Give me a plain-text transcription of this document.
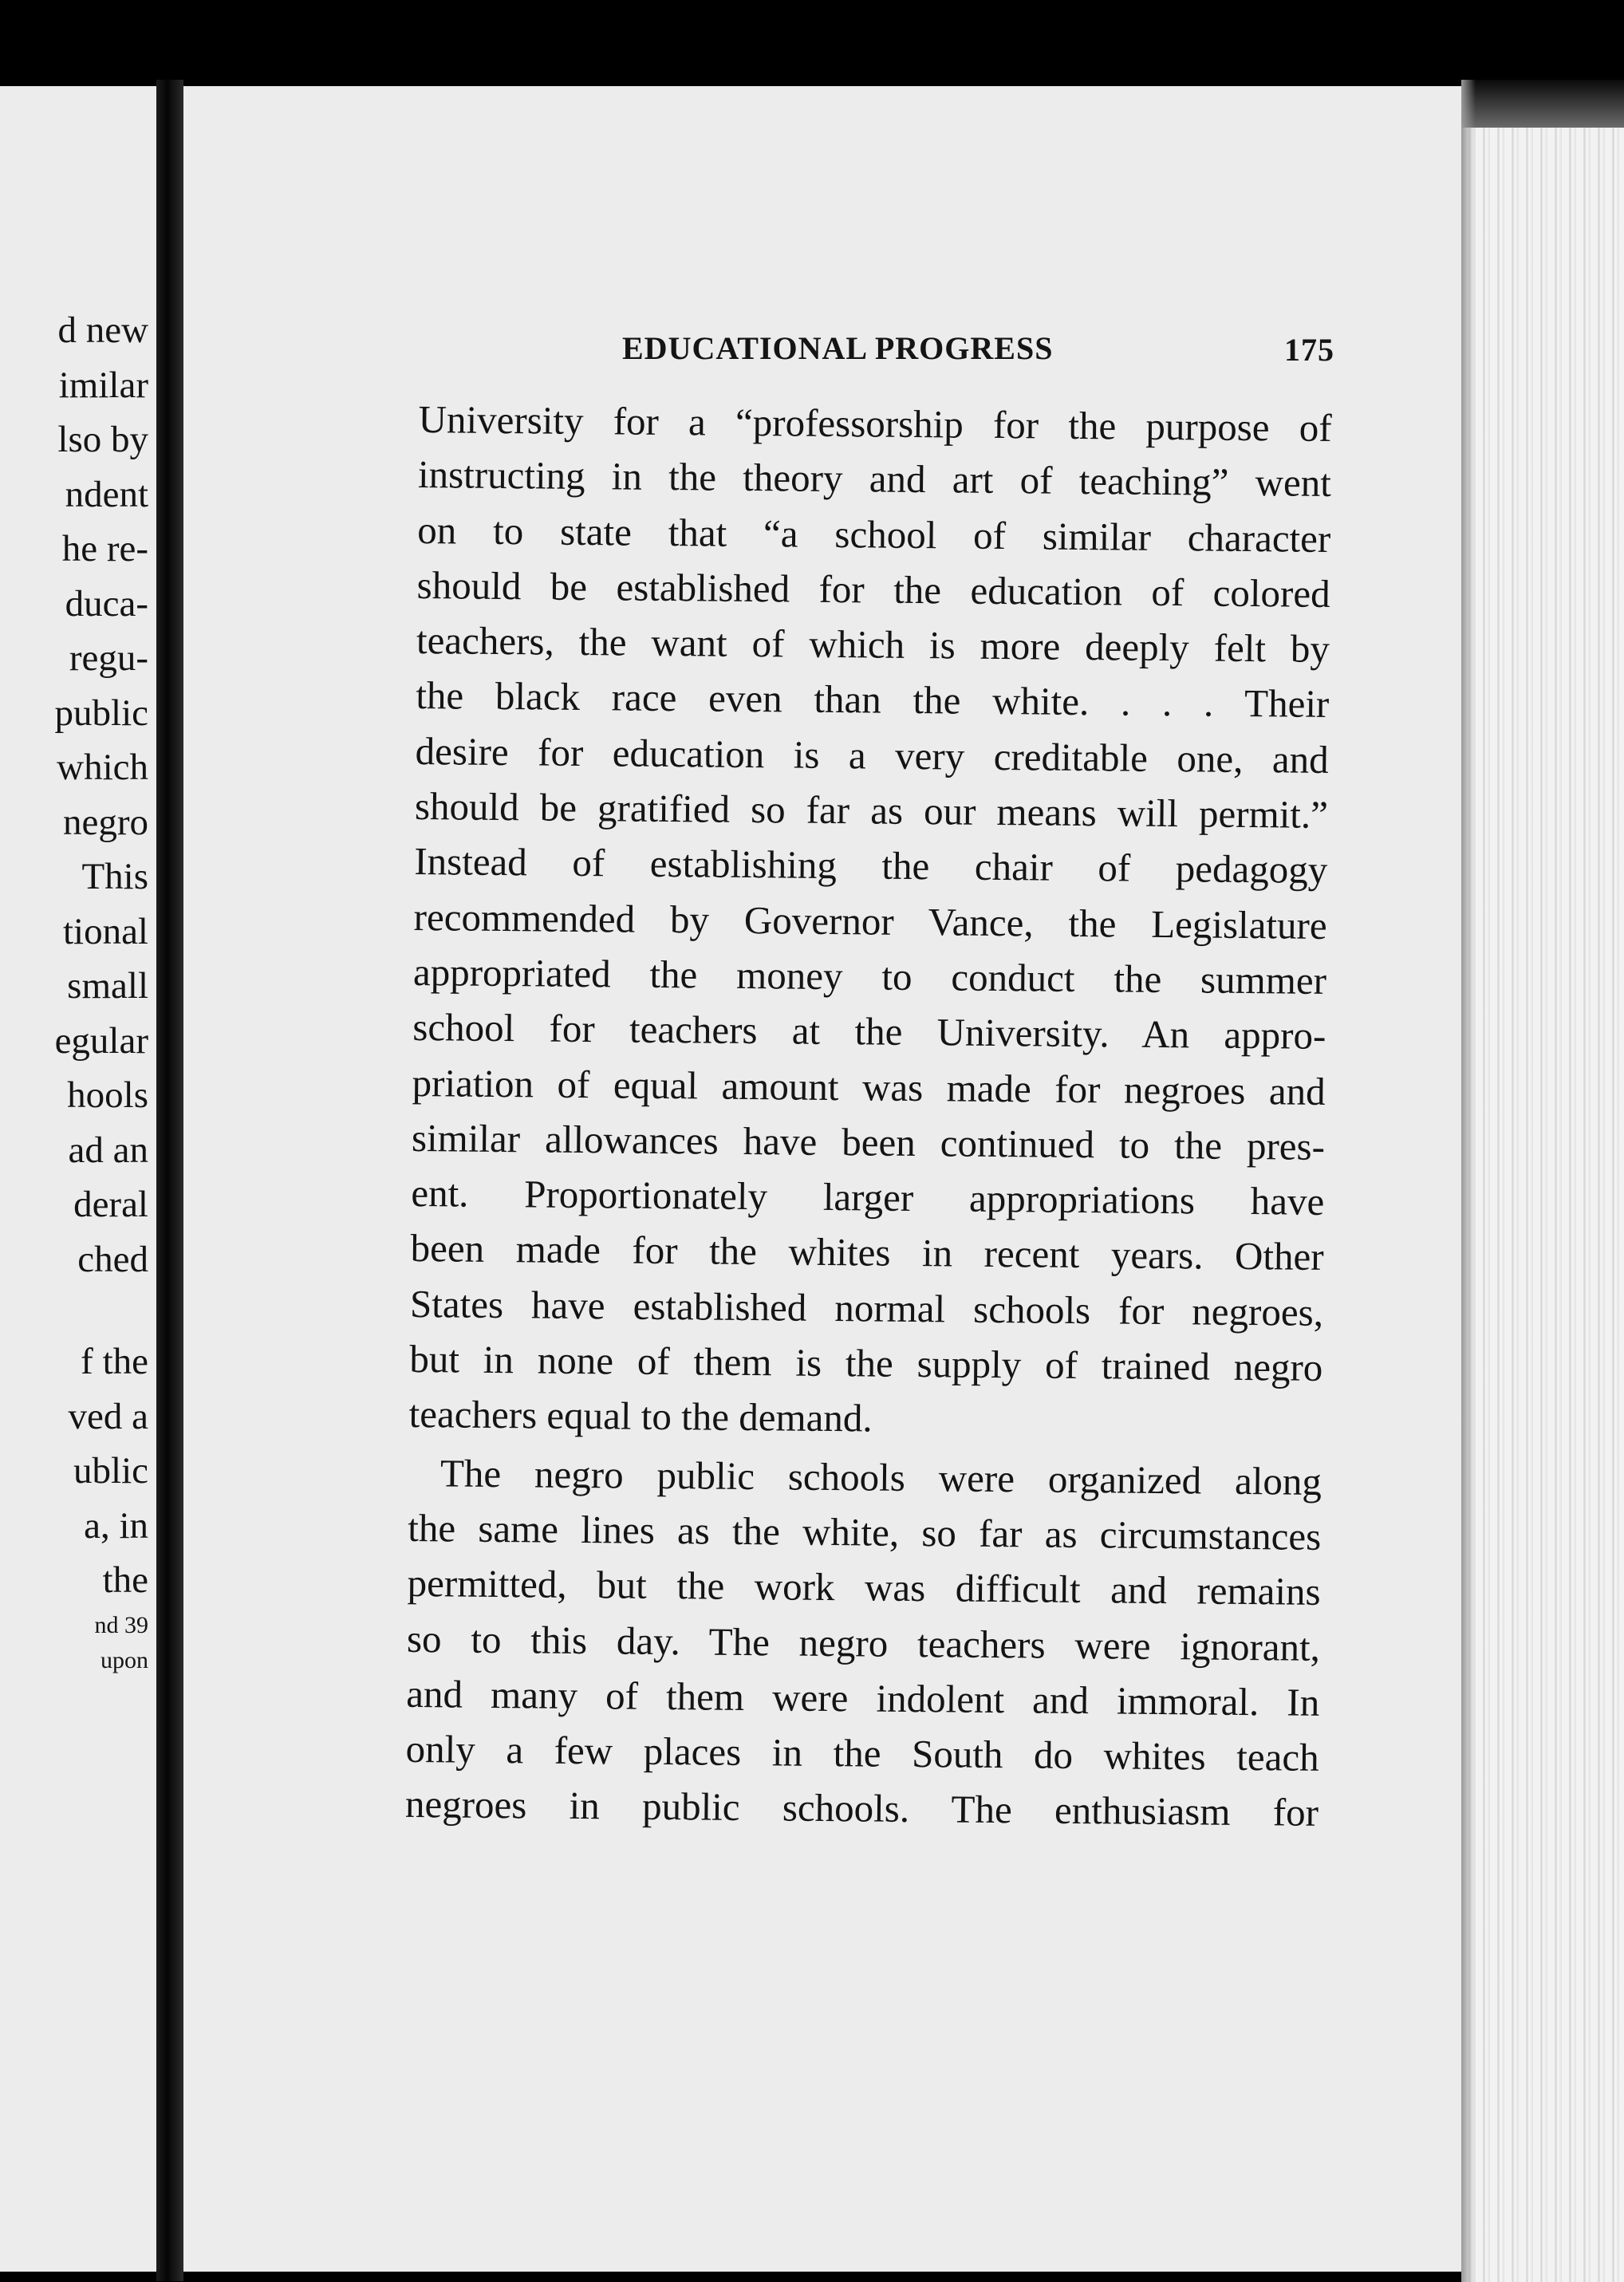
d new
imilar
lso by
ndent
he re-
duca-
regu-
public
which
negro
This
tional
small
egular
hools
ad an
deral
ched
f the
ved a
ublic
a, in
the
nd 39
upon
EDUCATIONAL PROGRESS	175
University for a “professorship for the purpose of
instructing in the theory and art of teaching” went
on to state that “a school of similar character
should be established for the education of colored
teachers, the want of which is more deeply felt by
the black race even than the white. . . . Their
desire for education is a very creditable one, and
should be gratified so far as our means will permit.”
Instead of establishing the chair of pedagogy
recommended by Governor Vance, the Legislature
appropriated the money to conduct the summer
school for teachers at the University. An appro-
priation of equal amount was made for negroes and
similar allowances have been continued to the pres-
ent. Proportionately larger appropriations have
been made for the whites in recent years. Other
States have established normal schools for negroes,
but in none of them is the supply of trained negro
teachers equal to the demand.
The negro public schools were organized along
the same lines as the white, so far as circumstances
permitted, but the work was difficult and remains
so to this day. The negro teachers were ignorant,
and many of them were indolent and immoral. In
only a few places in the South do whites teach
negroes in public schools. The enthusiasm for
